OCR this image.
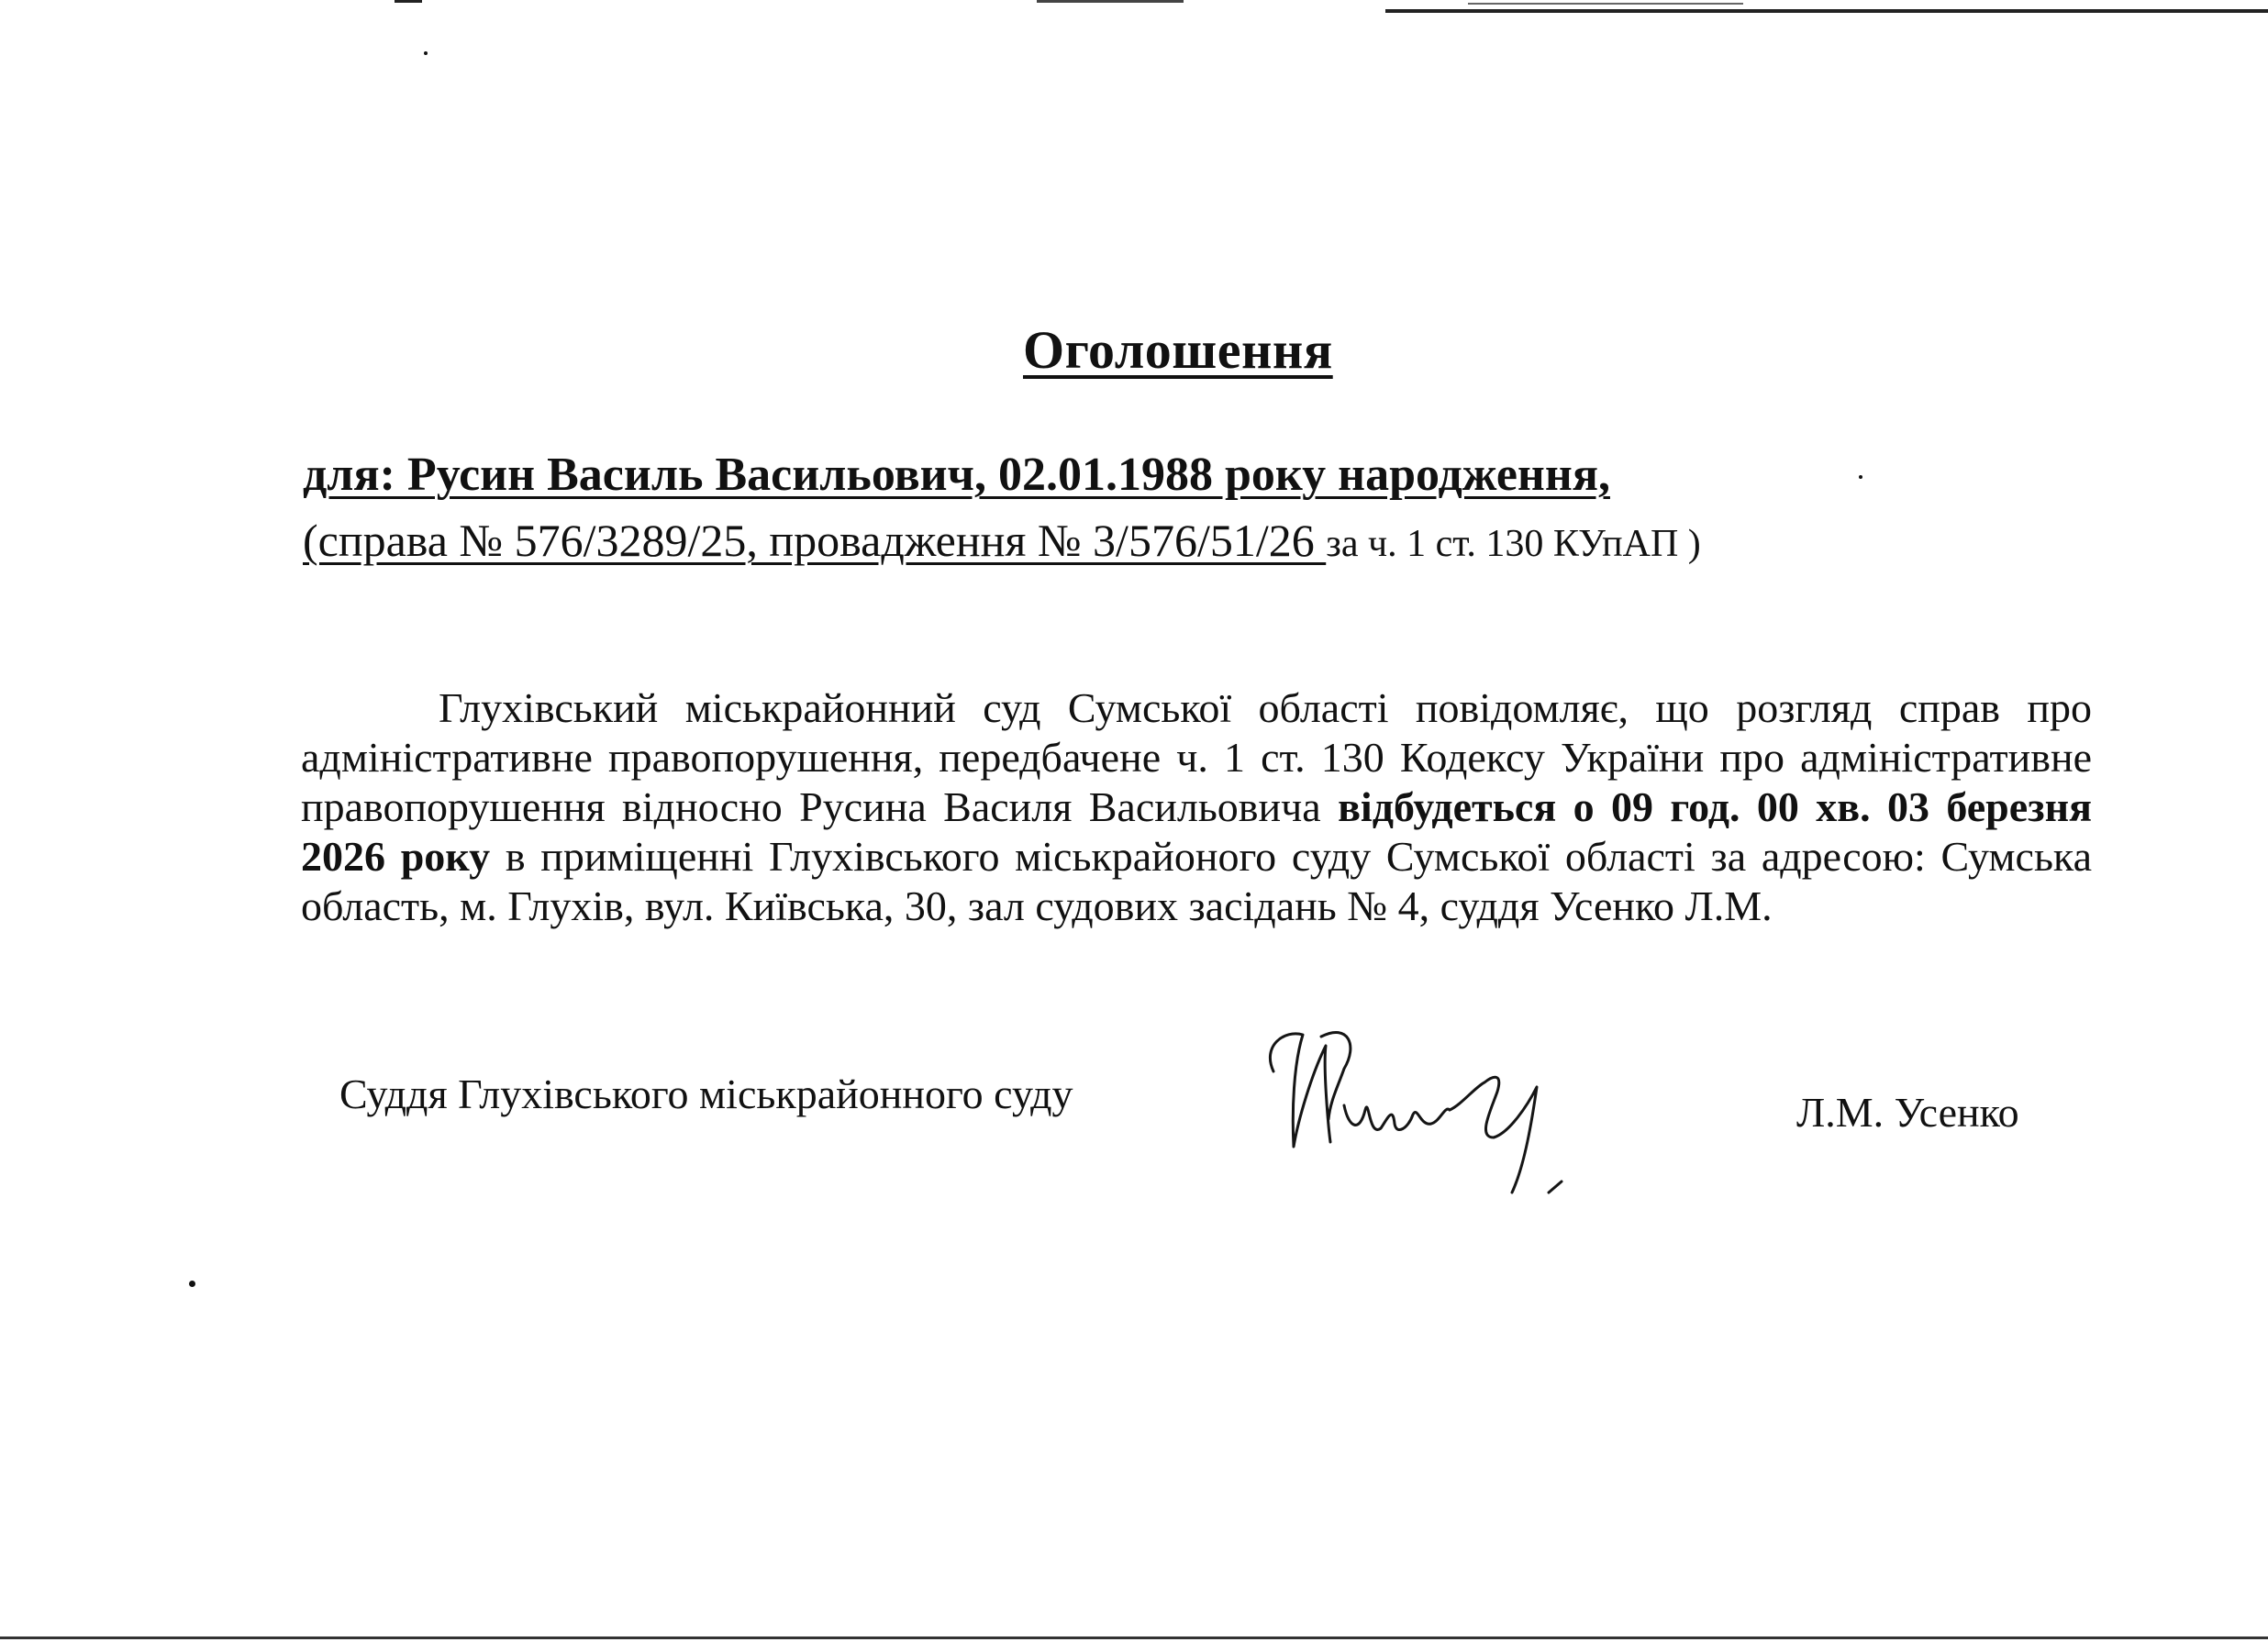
Оголошення
для: Русин Василь Васильович, 02.01.1988 року народження,
(справа № 576/3289/25, провадження № 3/576/51/26 за ч. 1 ст. 130 КУпАП )
Глухівський міськрайонний суд Сумської області повідомляє, що розгляд справ про адміністративне правопорушення, передбачене ч. 1 ст. 130 Кодексу України про адміністративне правопорушення відносно Русина Василя Васильовича відбудеться о 09 год. 00 хв. 03 березня 2026 року в приміщенні Глухівського міськрайоного суду Сумської області за адресою: Сумська область, м. Глухів, вул. Київська, 30, зал судових засідань № 4, суддя Усенко Л.М.
Суддя Глухівського міськрайонного суду	Л.М. Усенко
